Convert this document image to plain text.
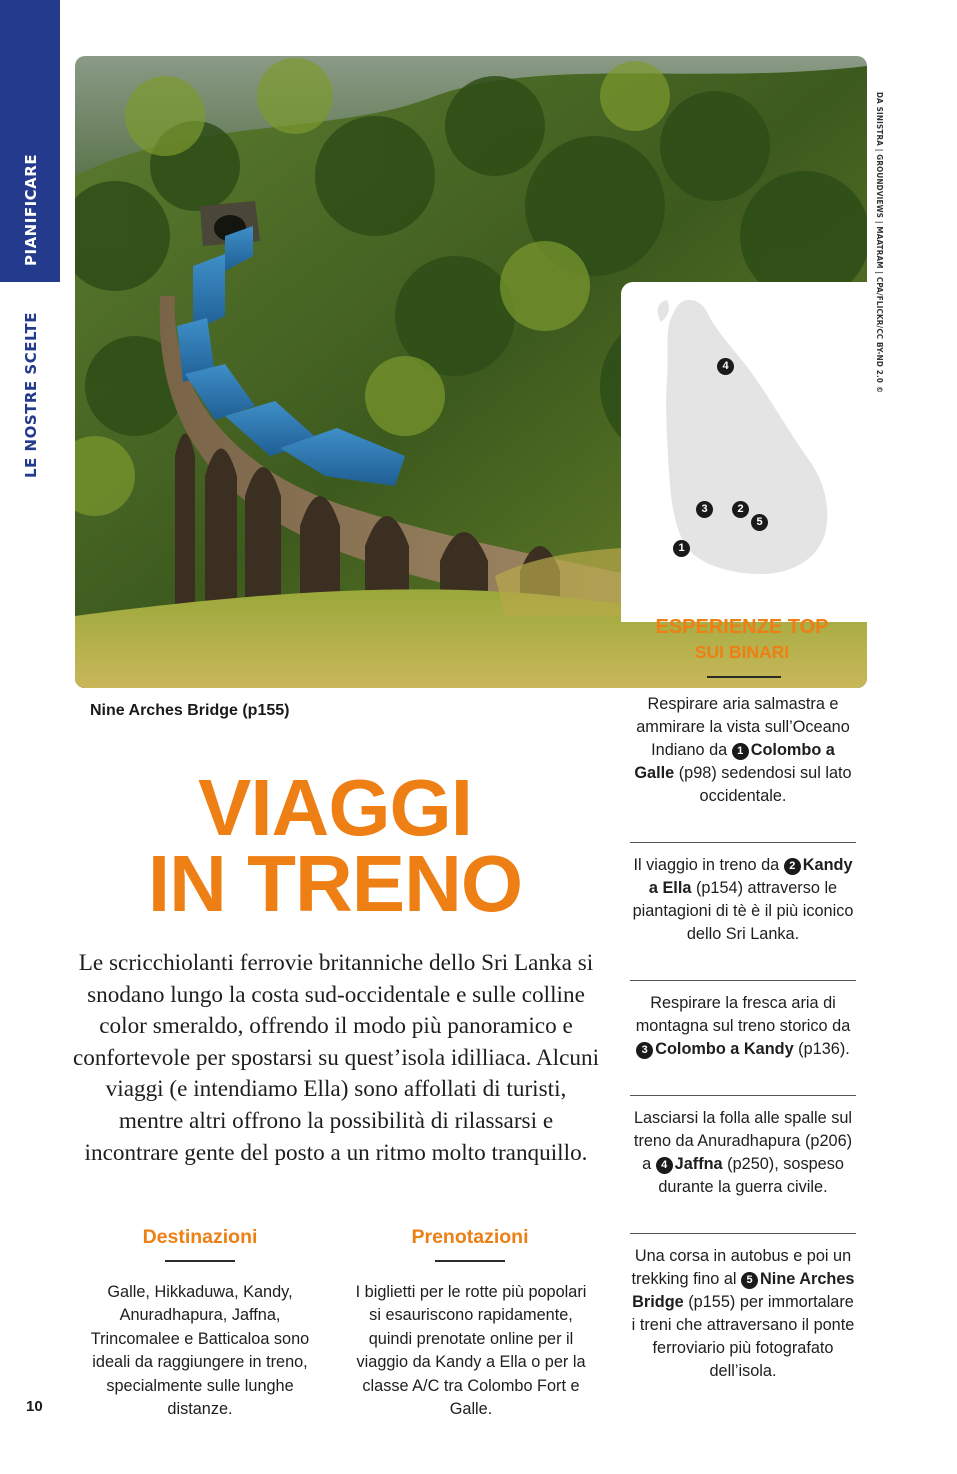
PIANIFICARE
LE NOSTRE SCELTE	4
3	2
5
1
DA SINISTRA | GROUNDVIEWS | MAATRAM | CPA/FLICKR/CC BY-ND 2.0 ©
Nine Arches Bridge (p155)
VIAGGI
IN TRENO
Le scricchiolanti ferrovie britanniche dello Sri Lanka si snodano lungo la costa sud-occidentale e sulle colline color smeraldo, offrendo il modo più panoramico e confortevole per spostarsi su quest’isola idilliaca. Alcuni viaggi (e intendiamo Ella) sono affollati di turisti, mentre altri offrono la possibilità di rilassarsi e incontrare gente del posto a un ritmo molto tranquillo.
Destinazioni
Galle, Hikkaduwa, Kandy, Anuradhapura, Jaffna, Trincomalee e Batticaloa sono ideali da raggiungere in treno, specialmente sulle lunghe distanze.
Prenotazioni
I biglietti per le rotte più popolari si esauriscono rapidamente, quindi prenotate online per il viaggio da Kandy a Ella o per la classe A/C tra Colombo Fort e Galle.
10
ESPERIENZE TOP
SUI BINARI
Respirare aria salmastra e ammirare la vista sull’Oceano Indiano da 1 Colombo a Galle (p98) sedendosi sul lato occidentale.
Il viaggio in treno da 2 Kandy a Ella (p154) attraverso le piantagioni di tè è il più iconico dello Sri Lanka.
Respirare la fresca aria di montagna sul treno storico da 3 Colombo a Kandy (p136).
Lasciarsi la folla alle spalle sul treno da Anuradhapura (p206) a 4 Jaffna (p250), sospeso durante la guerra civile.
Una corsa in autobus e poi un trekking fino al 5 Nine Arches Bridge (p155) per immortalare i treni che attraversano il ponte ferroviario più fotografato dell’isola.
